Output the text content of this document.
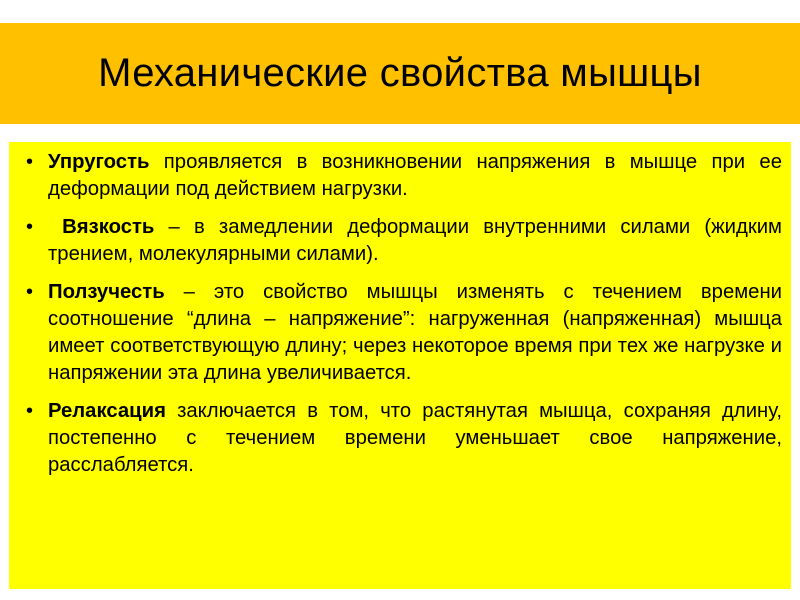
Механические свойства мышцы
• Упругость проявляется в возникновении напряжения в мышце при ее деформации под действием нагрузки.
• Вязкость – в замедлении деформации внутренними силами (жидким трением, молекулярными силами).
• Ползучесть – это свойство мышцы изменять с течением времени соотношение “длина – напряжение”: нагруженная (напряженная) мышца имеет соответствующую длину; через некоторое время при тех же нагрузке и напряжении эта длина увеличивается.
• Релаксация заключается в том, что растянутая мышца, сохраняя длину, постепенно с течением времени уменьшает свое напряжение, расслабляется.
